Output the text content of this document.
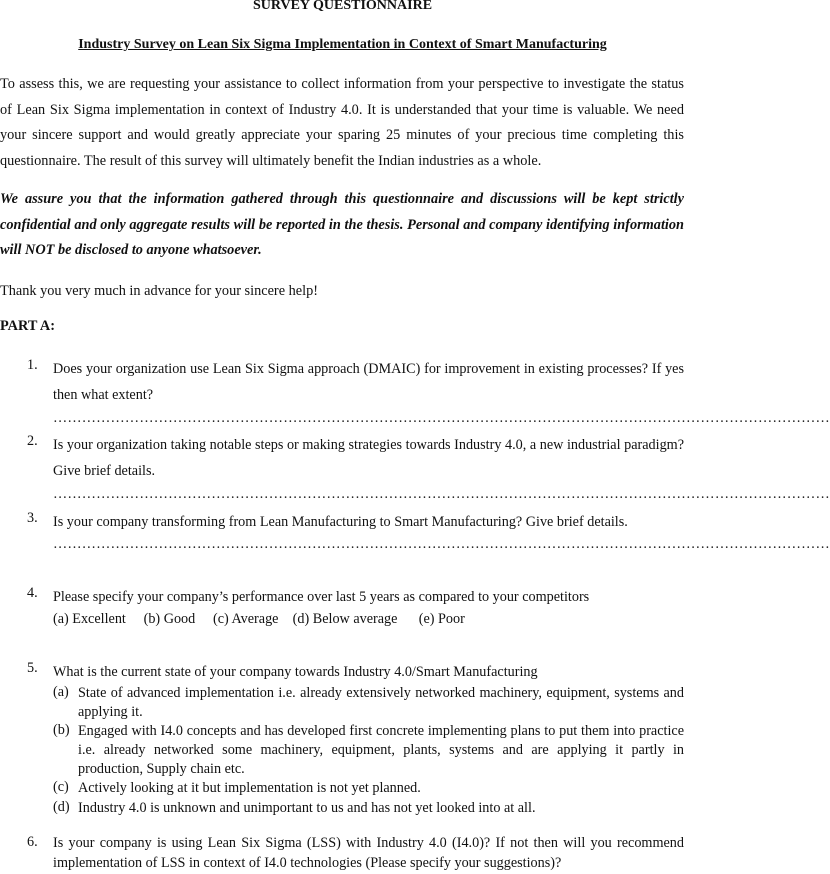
SURVEY QUESTIONNAIRE
Industry Survey on Lean Six Sigma Implementation in Context of Smart Manufacturing
To assess this, we are requesting your assistance to collect information from your perspective to investigate the status of Lean Six Sigma implementation in context of Industry 4.0. It is understanded that your time is valuable. We need your sincere support and would greatly appreciate your sparing 25 minutes of your precious time completing this questionnaire. The result of this survey will ultimately benefit the Indian industries as a whole.
We assure you that the information gathered through this questionnaire and discussions will be kept strictly confidential and only aggregate results will be reported in the thesis. Personal and company identifying information will NOT be disclosed to anyone whatsoever.
Thank you very much in advance for your sincere help!
PART A:
1. Does your organization use Lean Six Sigma approach (DMAIC) for improvement in existing processes? If yes then what extent?
………………………………………………………………………………………………………………………………………………
2. Is your organization taking notable steps or making strategies towards Industry 4.0, a new industrial paradigm? Give brief details.
………………………………………………………………………………………………………………………………………………
3. Is your company transforming from Lean Manufacturing to Smart Manufacturing? Give brief details.
………………………………………………………………………………………………………………………………………………
4. Please specify your company’s performance over last 5 years as compared to your competitors
(a) Excellent (b) Good (c) Average (d) Below average (e) Poor
5. What is the current state of your company towards Industry 4.0/Smart Manufacturing
(a) State of advanced implementation i.e. already extensively networked machinery, equipment, systems and applying it.
(b) Engaged with I4.0 concepts and has developed first concrete implementing plans to put them into practice i.e. already networked some machinery, equipment, plants, systems and are applying it partly in production, Supply chain etc.
(c) Actively looking at it but implementation is not yet planned.
(d) Industry 4.0 is unknown and unimportant to us and has not yet looked into at all.
6. Is your company is using Lean Six Sigma (LSS) with Industry 4.0 (I4.0)? If not then will you recommend implementation of LSS in context of I4.0 technologies (Please specify your suggestions)?
